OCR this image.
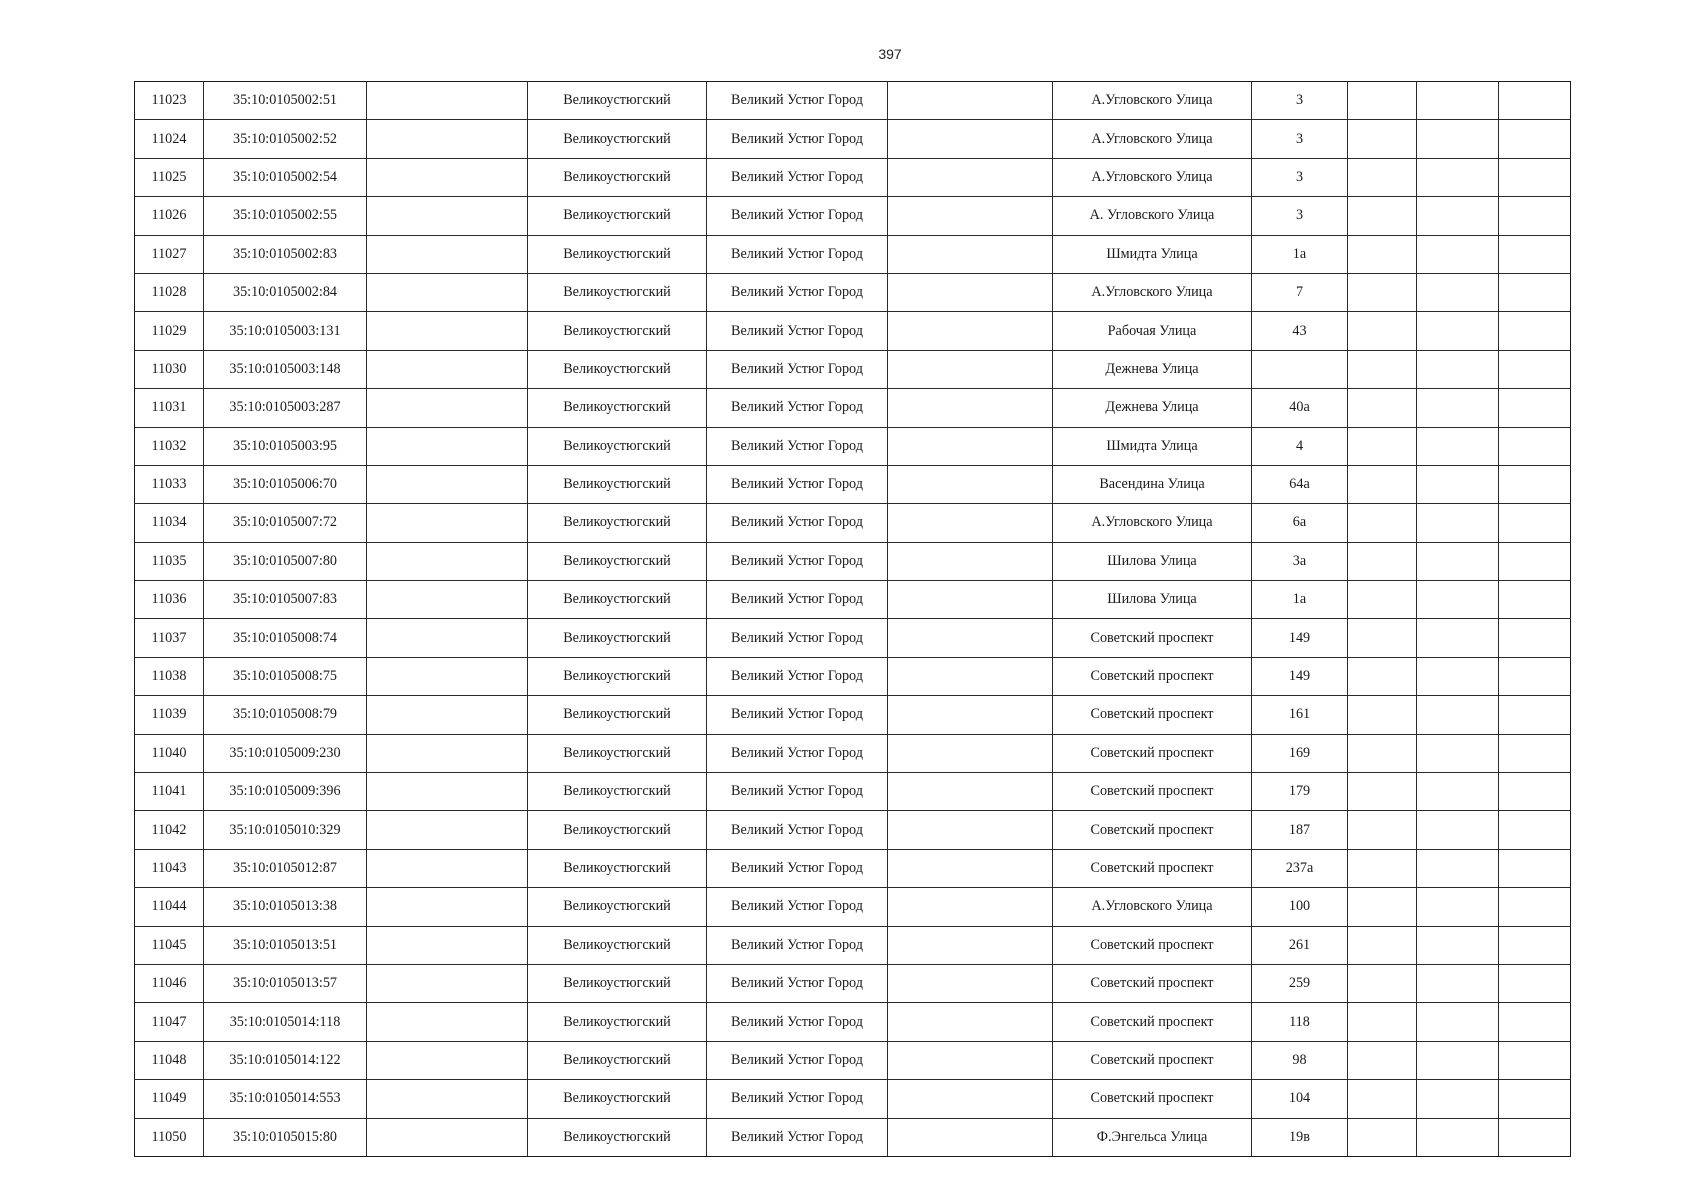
397
11023	35:10:0105002:51		Великоустюгский	Великий Устюг Город		А.Угловского Улица	3			
11024	35:10:0105002:52		Великоустюгский	Великий Устюг Город		А.Угловского Улица	3			
11025	35:10:0105002:54		Великоустюгский	Великий Устюг Город		А.Угловского Улица	3			
11026	35:10:0105002:55		Великоустюгский	Великий Устюг Город		А. Угловского Улица	3			
11027	35:10:0105002:83		Великоустюгский	Великий Устюг Город		Шмидта Улица	1а			
11028	35:10:0105002:84		Великоустюгский	Великий Устюг Город		А.Угловского Улица	7			
11029	35:10:0105003:131		Великоустюгский	Великий Устюг Город		Рабочая Улица	43			
11030	35:10:0105003:148		Великоустюгский	Великий Устюг Город		Дежнева Улица				
11031	35:10:0105003:287		Великоустюгский	Великий Устюг Город		Дежнева Улица	40а			
11032	35:10:0105003:95		Великоустюгский	Великий Устюг Город		Шмидта Улица	4			
11033	35:10:0105006:70		Великоустюгский	Великий Устюг Город		Васендина Улица	64а			
11034	35:10:0105007:72		Великоустюгский	Великий Устюг Город		А.Угловского Улица	6а			
11035	35:10:0105007:80		Великоустюгский	Великий Устюг Город		Шилова Улица	3а			
11036	35:10:0105007:83		Великоустюгский	Великий Устюг Город		Шилова Улица	1а			
11037	35:10:0105008:74		Великоустюгский	Великий Устюг Город		Советский проспект	149			
11038	35:10:0105008:75		Великоустюгский	Великий Устюг Город		Советский проспект	149			
11039	35:10:0105008:79		Великоустюгский	Великий Устюг Город		Советский проспект	161			
11040	35:10:0105009:230		Великоустюгский	Великий Устюг Город		Советский проспект	169			
11041	35:10:0105009:396		Великоустюгский	Великий Устюг Город		Советский проспект	179			
11042	35:10:0105010:329		Великоустюгский	Великий Устюг Город		Советский проспект	187			
11043	35:10:0105012:87		Великоустюгский	Великий Устюг Город		Советский проспект	237а			
11044	35:10:0105013:38		Великоустюгский	Великий Устюг Город		А.Угловского Улица	100			
11045	35:10:0105013:51		Великоустюгский	Великий Устюг Город		Советский проспект	261			
11046	35:10:0105013:57		Великоустюгский	Великий Устюг Город		Советский проспект	259			
11047	35:10:0105014:118		Великоустюгский	Великий Устюг Город		Советский проспект	118			
11048	35:10:0105014:122		Великоустюгский	Великий Устюг Город		Советский проспект	98			
11049	35:10:0105014:553		Великоустюгский	Великий Устюг Город		Советский проспект	104			
11050	35:10:0105015:80		Великоустюгский	Великий Устюг Город		Ф.Энгельса Улица	19в			
